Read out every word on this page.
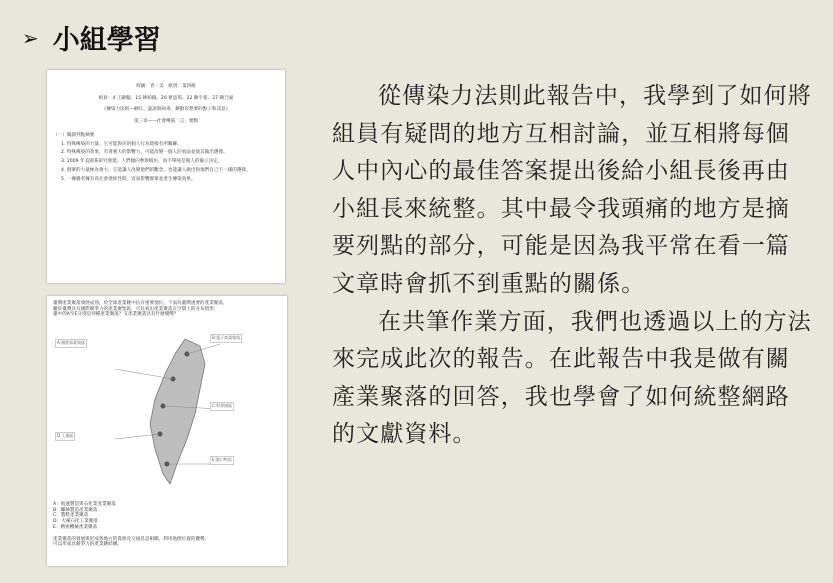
➢ 小組學習
班級：青一美　組別：第四組
組員：4 王顯翰、15 陳柏翰、20 連思琪、22 陳宇希、27 陳乃嘉
《傳染力法則—網紅、說說與病毒，擴散你想要的點子和訊息》
第三章——社會傳染「言」要點
（一）閱讀列點摘要
1. 特殊傳染的力量，它可能與你的個人行為間接有所關聯。
2. 特殊傳染的效果，有著強大的影響力，可能改變一個人的看法並使其做出選擇。
3. 2009 年美國某研究發現，人們傾向參與模仿，而不單純是個人的獨立決定。
4. 群眾的力量極為強大，它能讓人改變他們的觀念，也能讓人做出和他們自己不一樣的選擇。
5. 一傳播者擁有高社會連結性時，容易影響群眾並產生傳染效果。
臺灣產業聚落發展成熟，於全球產業鏈中佔有重要地位。下面為臺灣重要的產業聚落，
屬於臺灣具有國際競爭力的產業聚集區，可以看出產業聚落在空間上的分布情形；
臺中的A至E分別是何種產業聚落？又產業聚落具有什麼優勢？
A:國營事業聚落
B:電子產業聚落
C:科學園區
D:工業區
E:港口物流
A：航運製造與石化業產業聚落
B：螺絲製造產業聚落
C：製鞋產業聚落
D：大溪石化工業聚落
E：精密機械產業聚落
產業聚落的發展與形成與地方的資源及交通息息相關，利用地理位置的優勢，
可以形成具競爭力的產業鏈結構。

從傳染力法則此報告中，我學到了如何將組員有疑問的地方互相討論，並互相將每個人中內心的最佳答案提出後給小組長後再由小組長來統整。其中最令我頭痛的地方是摘要列點的部分，可能是因為我平常在看一篇文章時會抓不到重點的關係。

在共筆作業方面，我們也透過以上的方法來完成此次的報告。在此報告中我是做有關產業聚落的回答，我也學會了如何統整網路的文獻資料。
